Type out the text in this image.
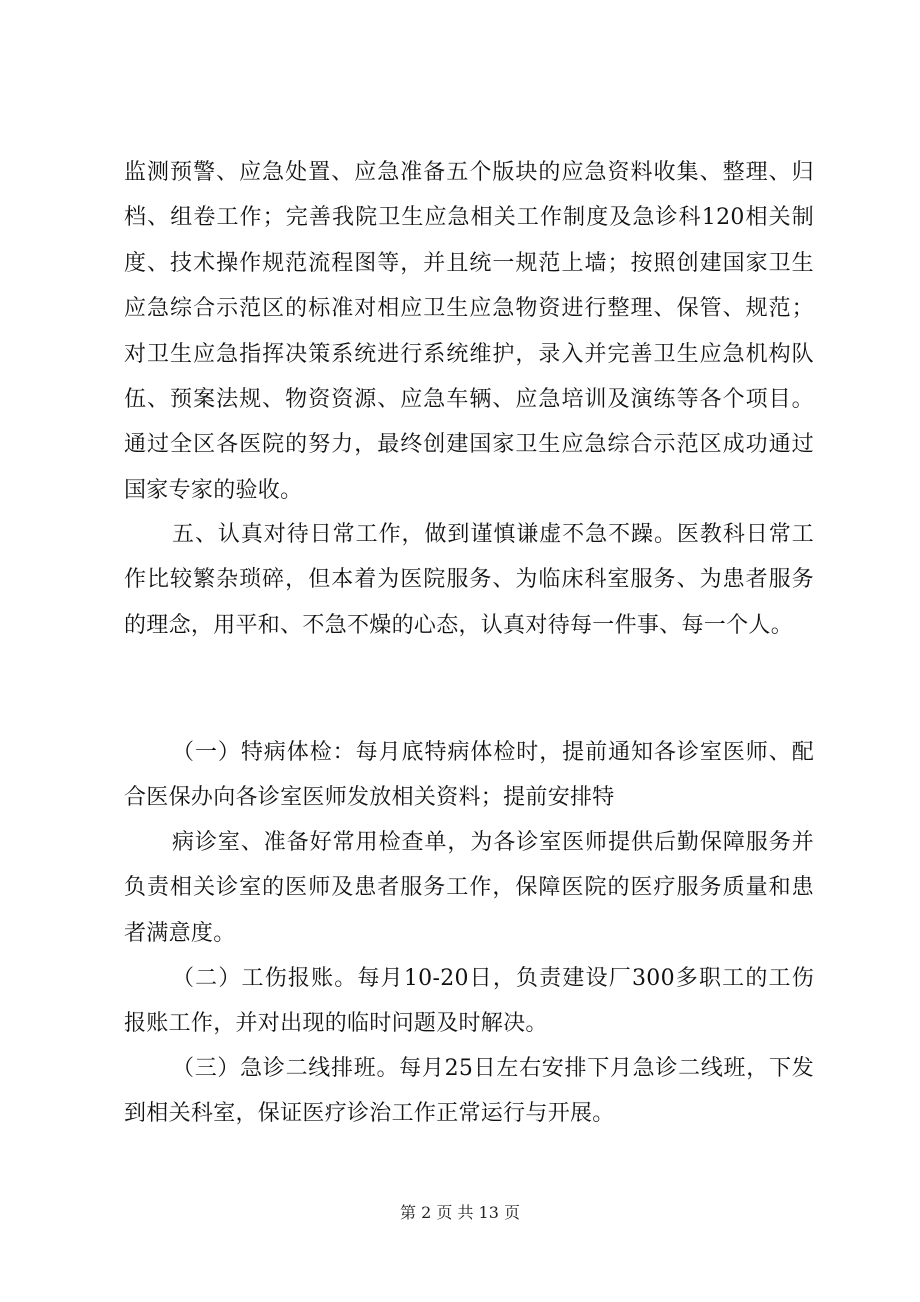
监测预警、应急处置、应急准备五个版块的应急资料收集、整理、归档、组卷工作；完善我院卫生应急相关工作制度及急诊科120相关制度、技术操作规范流程图等，并且统一规范上墙；按照创建国家卫生应急综合示范区的标准对相应卫生应急物资进行整理、保管、规范；对卫生应急指挥决策系统进行系统维护，录入并完善卫生应急机构队伍、预案法规、物资资源、应急车辆、应急培训及演练等各个项目。通过全区各医院的努力，最终创建国家卫生应急综合示范区成功通过国家专家的验收。

五、认真对待日常工作，做到谨慎谦虚不急不躁。医教科日常工作比较繁杂琐碎，但本着为医院服务、为临床科室服务、为患者服务的理念，用平和、不急不燥的心态，认真对待每一件事、每一个人。

（一）特病体检：每月底特病体检时，提前通知各诊室医师、配合医保办向各诊室医师发放相关资料；提前安排特

病诊室、准备好常用检查单，为各诊室医师提供后勤保障服务并负责相关诊室的医师及患者服务工作，保障医院的医疗服务质量和患者满意度。

（二）工伤报账。每月10-20日，负责建设厂300多职工的工伤报账工作，并对出现的临时问题及时解决。

（三）急诊二线排班。每月25日左右安排下月急诊二线班，下发到相关科室，保证医疗诊治工作正常运行与开展。

第 2 页 共 13 页
